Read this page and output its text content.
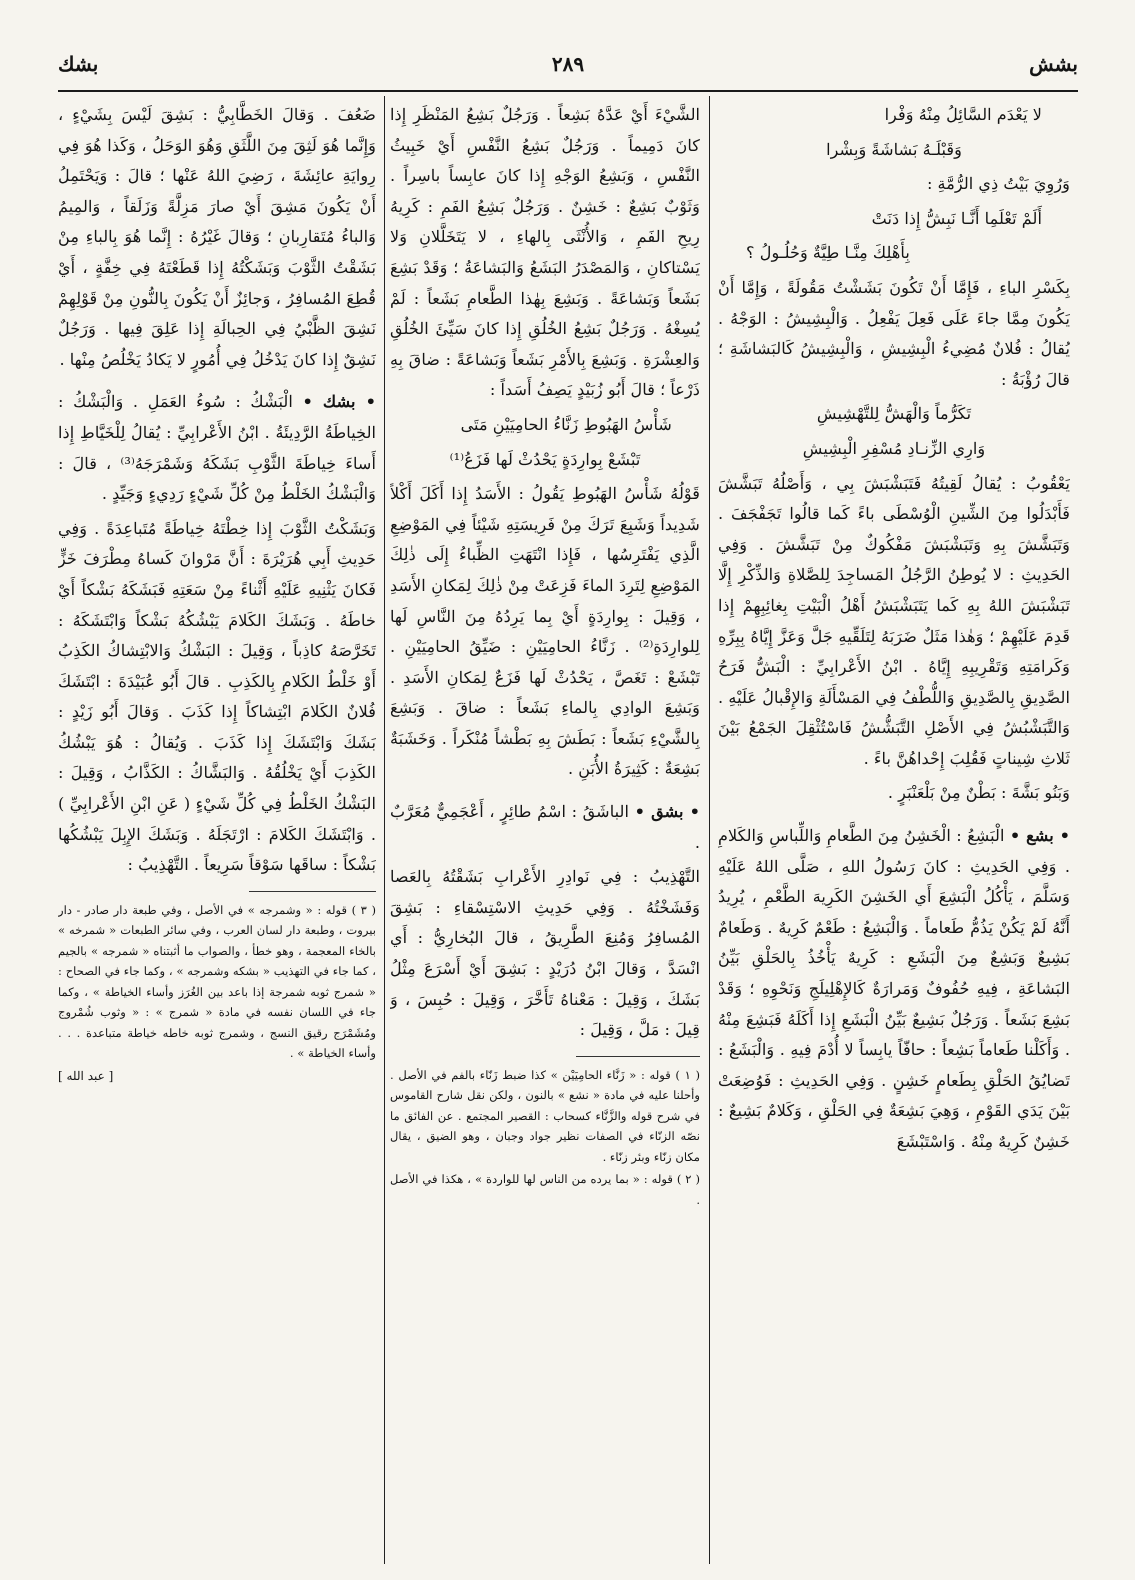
بشش
٢٨٩
بشك

لا يَعْدَم السَّائِلُ مِنْهُ وَفْرا

وَقَبْلَـهُ بَشاشَةً وَبِشْرا

وَرُوِيَ بَيْتُ ذِي الرُّمَّةِ :

أَلَمْ تَعْلَمِا أَنَّـا نَبِشُّ إِذا دَنَتْ

بِأَهْلِكَ مِنَّـا طِيَّةٌ وَحُلُـولُ ؟

بِكَسْرِ الباءِ ، فَإِمَّا أَنْ تَكُونَ بَشَشْتُ مَقُولَةً ، وَإِمَّا أَنْ يَكُونَ مِمَّا جاءَ عَلَى فَعِلَ يَفْعِلُ . وَالْبِشِيشُ : الوَجْهُ . يُقالُ : فُلانٌ مُضِيءُ الْبِشِيشِ ، وَالْبِشِيشُ كَالبَشاشَةِ ؛ قالَ رُؤْبَةُ :

تَكَرُّماً وَالْهَشُّ لِلتَّهْشِيشِ

وَارِي الزِّنـادِ مُسْفِرِ الْبِشِيشِ

يَعْقُوبُ : يُقالُ لَقِيتُهُ فَتَبَشْبَشَ بِي ، وَأَصْلُهُ تَبَشَّشَ فَأَبْدَلُوا مِنَ الشِّينِ الْوُسْطَى باءً كَما قالُوا تَجَفْجَفَ . وَتَبَشَّشَ بِهِ وَتَبَشْبَشَ مَفْكُوكٌ مِنْ تَبَشَّشَ . وَفِي الحَدِيثِ : لا يُوطِنُ الرَّجُلُ المَساجِدَ لِلصَّلاةِ وَالذِّكْرِ إِلَّا تَبَشْبَشَ اللهُ بِهِ كَما يَتَبَشْبَشُ أَهْلُ الْبَيْتِ بِغائِبِهِمْ إِذا قَدِمَ عَلَيْهِمْ ؛ وَهٰذا مَثَلٌ ضَرَبَهُ لِتَلَقِّيهِ جَلَّ وَعَزَّ إِيَّاهُ بِبِرِّهِ وَكَرامَتِهِ وَتَقْرِيبِهِ إِيَّاهُ . ابْنُ الأَعْرابِيِّ : الْبَشُّ فَرَحُ الصَّدِيقِ بِالصَّدِيقِ وَاللُّطْفُ فِي المَسْأَلَةِ وَالإِقْبالُ عَلَيْهِ . وَالتَّبَشْبُشُ فِي الأَصْلِ التَّبَشُّشُ فَاسْتُثْقِلَ الجَمْعُ بَيْنَ ثَلاثِ شِيناتٍ فَقُلِبَ إِحْداهُنَّ باءً .

وَبَنُو بَشَّةَ : بَطْنٌ مِنْ بَلْعَنْبَرٍ .

• بشع • الْبَشِعُ : الْخَشِنُ مِنَ الطَّعامِ وَاللِّباسِ وَالكَلامِ . وَفِي الحَدِيثِ : كانَ رَسُولُ اللهِ ، صَلَّى اللهُ عَلَيْهِ وَسَلَّمَ ، يَأْكُلُ الْبَشِعَ أَي الخَشِنَ الكَرِيهَ الطَّعْمِ ، يُرِيدُ أَنَّهُ لَمْ يَكُنْ يَذُمُّ طَعاماً . وَالْبَشِعُ : طَعْمٌ كَرِيهٌ . وَطَعامٌ بَشِيعٌ وَبَشِعٌ مِنَ الْبَشَعِ : كَرِيهٌ يَأْخُذُ بِالحَلْقِ بَيِّنُ البَشاعَةِ ، فِيهِ حُفُوفٌ وَمَرارَةٌ كَالإِهْلِيلَجِ وَنَحْوِهِ ؛ وَقَدْ بَشِعَ بَشَعاً . وَرَجُلٌ بَشِيعٌ بَيِّنُ الْبَشَعِ إِذا أَكَلَهُ فَبَشِعَ مِنْهُ . وَأَكَلْنا طَعاماً بَشِعاً : حافّاً يابِساً لا أُدْمَ فِيهِ . وَالْبَشَعُ : تَضايُقُ الحَلْقِ بِطَعامٍ خَشِنٍ . وَفِي الحَدِيثِ : فَوُضِعَتْ بَيْنَ يَدَي القَوْمِ ، وَهِيَ بَشِعَةٌ فِي الحَلْقِ ، وَكَلامٌ بَشِيعٌ : خَشِنٌ كَرِيهٌ مِنْهُ . وَاسْتَبْشَعَ

الشَّيْءَ أَيْ عَدَّهُ بَشِعاً . وَرَجُلٌ بَشِعُ المَنْظَرِ إِذا كانَ دَمِيماً . وَرَجُلٌ بَشِعُ النَّفْسِ أَيْ خَبِيثُ النَّفْسِ ، وَبَشِعُ الوَجْهِ إِذا كانَ عابِساً باسِراً . وَثَوْبٌ بَشِعٌ : خَشِنٌ . وَرَجُلٌ بَشِعُ الفَمِ : كَرِيهُ رِيحِ الفَمِ ، وَالأُنْثَى بِالهاءِ ، لا يَتَخَلَّلانِ وَلا يَسْتاكانِ ، وَالمَصْدَرُ البَشَعُ وَالبَشاعَةُ ؛ وَقَدْ بَشِعَ بَشَعاً وَبَشاعَةً . وَبَشِعَ بِهٰذا الطَّعامِ بَشَعاً : لَمْ يُسِغْهُ . وَرَجُلٌ بَشِعُ الخُلُقِ إِذا كانَ سَيِّئَ الخُلُقِ وَالعِشْرَةِ . وَبَشِعَ بِالأَمْرِ بَشَعاً وَبَشاعَةً : ضاقَ بِهِ ذَرْعاً ؛ قالَ أَبُو زُبَيْدٍ يَصِفُ أَسَداً :

شَأْسُ الهَبُوطِ زَنَّاءُ الحامِيَيْنِ مَتَى

تَبْشَعْ بِوارِدَةٍ يَحْدُثْ لَها فَزَعُ⁽¹⁾

قَوْلُهُ شَأْسُ الهَبُوطِ يَقُولُ : الأَسَدُ إِذا أَكَلَ أَكْلاً شَدِيداً وَشَبِعَ تَرَكَ مِنْ فَرِيسَتِهِ شَيْئاً فِي المَوْضِعِ الَّذِي يَفْتَرِسُها ، فَإِذا انْتَهَتِ الظِّباءُ إِلَى ذٰلِكَ المَوْضِعِ لِتَرِدَ الماءَ فَزِعَتْ مِنْ ذٰلِكَ لِمَكانِ الأَسَدِ ، وَقِيلَ : بِوارِدَةٍ أَيْ بِما يَرِدُهُ مِنَ النَّاسِ لَها لِلوارِدَةِ⁽²⁾ . زَنَّاءُ الحامِيَيْنِ : ضَيِّقُ الحامِيَيْنِ . تَبْشَعْ : تَغَصَّ ، يَحْدُثْ لَها فَزَعٌ لِمَكانِ الأَسَدِ . وَبَشِعَ الوادِي بِالماءِ بَشَعاً : ضاقَ . وَبَشِعَ بِالشَّيْءِ بَشَعاً : بَطَشَ بِهِ بَطْشاً مُنْكَراً . وَخَشَبَةٌ بَشِعَةٌ : كَثِيرَةُ الأُبَنِ .

• بشق • الباشَقُ : اسْمُ طائِرٍ ، أَعْجَمِيٌّ مُعَرَّبٌ .

التَّهْذِيبُ : فِي نَوادِرِ الأَعْرابِ بَشَقْتُهُ بِالعَصا وَفَشَخْتُهُ . وَفِي حَدِيثِ الاسْتِسْقاءِ : بَشِقَ المُسافِرُ وَمُنِعَ الطَّرِيقُ ، قالَ البُخارِيُّ : أَي انْسَدَّ ، وَقالَ ابْنُ دُرَيْدٍ : بَشِقَ أَيْ أَسْرَعَ مِثْلُ بَشَكَ ، وَقِيلَ : مَعْناهُ تَأَخَّرَ ، وَقِيلَ : حُبِسَ ، وَ قِيلَ : مَلَّ ، وَقِيلَ :

( ١ ) قوله : « زَنَّاء الحامِيَيْن » كذا ضبط زَنّاء بالفم في الأصل . وأحلنا عليه في مادة « نشع » بالنون ، ولكن نقل شارح القاموس في شرح قوله والزَّنَّاء كسحاب : القصير المجتمع . عن الفائق ما نصّه الزنّاء في الصفات نظير جواد وجبان ، وهو الضيق ، يقال مكان زنّاء وبئر زنّاء .

( ٢ ) قوله : « بما يرده من الناس لها للواردة » ، هكذا في الأصل .

ضَعُفَ . وَقالَ الخَطَّابِيُّ : بَشِقَ لَيْسَ بِشَيْءٍ ، وَإِنَّما هُوَ لَثِقَ مِنَ اللَّثَقِ وَهُوَ الوَحَلُ ، وَكَذا هُوَ فِي رِوايَةِ عائِشَةَ ، رَضِيَ اللهُ عَنْها ؛ قالَ : وَيَحْتَمِلُ أَنْ يَكُونَ مَشِقَ أَيْ صارَ مَزِلَّةً وَزَلَقاً ، وَالمِيمُ وَالباءُ مُتَقارِبانِ ؛ وَقالَ غَيْرُهُ : إِنَّما هُوَ بِالباءِ مِنْ بَشَقْتُ الثَّوْبَ وَبَشَكْتُهُ إِذا قَطَعْتَهُ فِي خِفَّةٍ ، أَيْ قُطِعَ المُسافِرُ ، وَجائِزٌ أَنْ يَكُونَ بِالنُّونِ مِنْ قَوْلِهِمْ نَشِقَ الظَّبْيُ فِي الحِبالَةِ إِذا عَلِقَ فِيها . وَرَجُلٌ نَشِقٌ إِذا كانَ يَدْخُلُ فِي أُمُورٍ لا يَكادُ يَخْلُصُ مِنْها .

• بشك • الْبَشْكُ : سُوءُ العَمَلِ . وَالْبَشْكُ : الخِياطَةُ الرَّدِيئَةُ . ابْنُ الأَعْرابِيِّ : يُقالُ لِلْخَيَّاطِ إِذا أَساءَ خِياطَةَ الثَّوْبِ بَشَكَهُ وَشَمْرَجَهُ⁽³⁾ ، قالَ : وَالْبَشْكُ الخَلْطُ مِنْ كُلِّ شَيْءٍ رَدِيءٍ وَجَيِّدٍ .

وَبَشَكْتُ الثَّوْبَ إِذا خِطْتَهُ خِياطَةً مُتَباعِدَةً . وَفِي حَدِيثِ أَبِي هُرَيْرَةَ : أَنَّ مَرْوانَ كَساهُ مِطْرَفَ خَزٍّ فَكانَ يَثْنِيهِ عَلَيْهِ أَثْناءً مِنْ سَعَتِهِ فَبَشَكَهُ بَشْكاً أَيْ خاطَهُ . وَبَشَكَ الكَلامَ يَبْشُكُهُ بَشْكاً وَابْتَشَكَهُ : تَخَرَّصَهُ كاذِباً ، وَقِيلَ : البَشْكُ وَالابْتِشاكُ الكَذِبُ أَوْ خَلْطُ الكَلامِ بِالكَذِبِ . قالَ أَبُو عُبَيْدَةَ : ابْتَشَكَ فُلانٌ الكَلامَ ابْتِشاكاً إِذا كَذَبَ . وَقالَ أَبُو زَيْدٍ : بَشَكَ وَابْتَشَكَ إِذا كَذَبَ . وَيُقالُ : هُوَ يَبْشُكُ الكَذِبَ أَيْ يَخْلُقُهُ . وَالبَشَّاكُ : الكَذَّابُ ، وَقِيلَ : البَشْكُ الخَلْطُ فِي كُلِّ شَيْءٍ ( عَنِ ابْنِ الأَعْرابِيِّ ) . وَابْتَشَكَ الكَلامَ : ارْتَجَلَهُ . وَبَشَكَ الإِبِلَ يَبْشُكُها بَشْكاً : ساقَها سَوْقاً سَرِيعاً . التَّهْذِيبُ :

( ٣ ) قوله : « وشمرجه » في الأصل ، وفي طبعة دار صادر - دار بيروت ، وطبعة دار لسان العرب ، وفي سائر الطبعات « شمرخه » بالخاء المعجمة ، وهو خطأ ، والصواب ما أثبتناه « شمرجه » بالجيم ، كما جاء في التهذيب « بشكه وشمرجه » ، وكما جاء في الصحاح : « شمرج ثوبه شمرجة إذا باعد بين الغُرَز وأساء الخياطة » ، وكما جاء في اللسان نفسه في مادة « شمرج » : « وثوب شُمْروج ومُشَمْرَج رقيق النسج ، وشمرج ثوبه خاطه خياطة متباعدة . . . وأساء الخياطة » .

[ عبد الله ]
